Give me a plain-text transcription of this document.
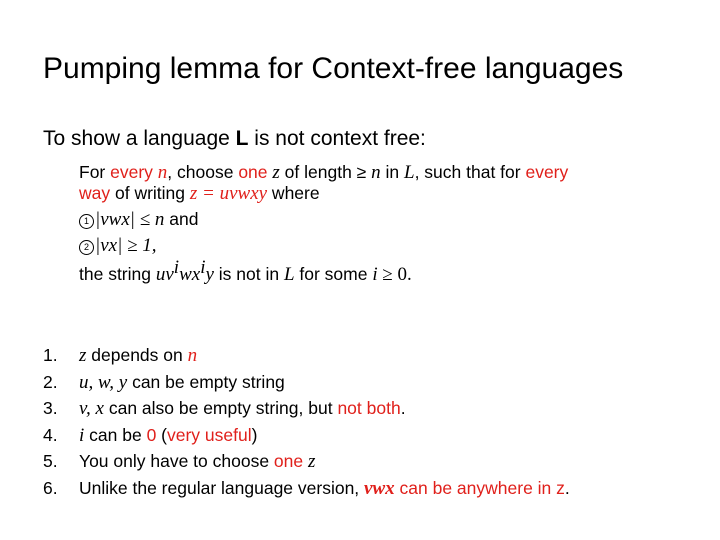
Pumping lemma for Context-free languages
To show a language L is not context free:
For every n, choose one z of length ≥ n in L, such that for every
way of writing z = uvwxy where
1 |vwx| ≤ n and
2 |vx| ≥ 1,
the string $uv^iwx^iy$ is not in L for some i ≥ 0.
1.	z depends on n
2.	u, w, y can be empty string
3.	v, x can also be empty string, but not both.
4.	i can be 0 (very useful)
5.	You only have to choose one z
6.	Unlike the regular language version, vwx can be anywhere in z.
